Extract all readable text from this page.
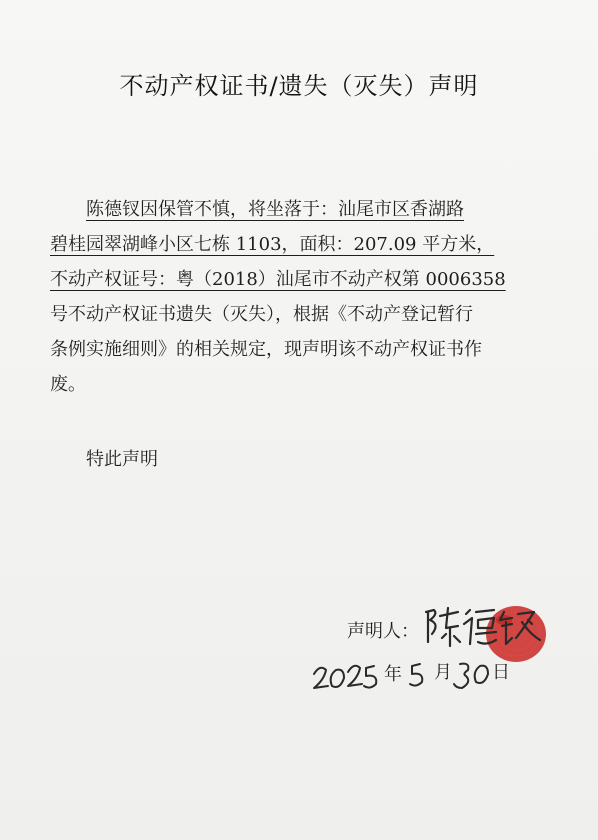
不动产权证书/遗失（灭失）声明

陈德钗因保管不慎，将坐落于：汕尾市区香湖路

碧桂园翠湖峰小区七栋 1103，面积：207.09 平方米，

不动产权证号：粤（2018）汕尾市不动产权第 0006358

号不动产权证书遗失（灭失），根据《不动产登记暂行

条例实施细则》的相关规定，现声明该不动产权证书作

废。

特此声明
声明人：
年 月 日
